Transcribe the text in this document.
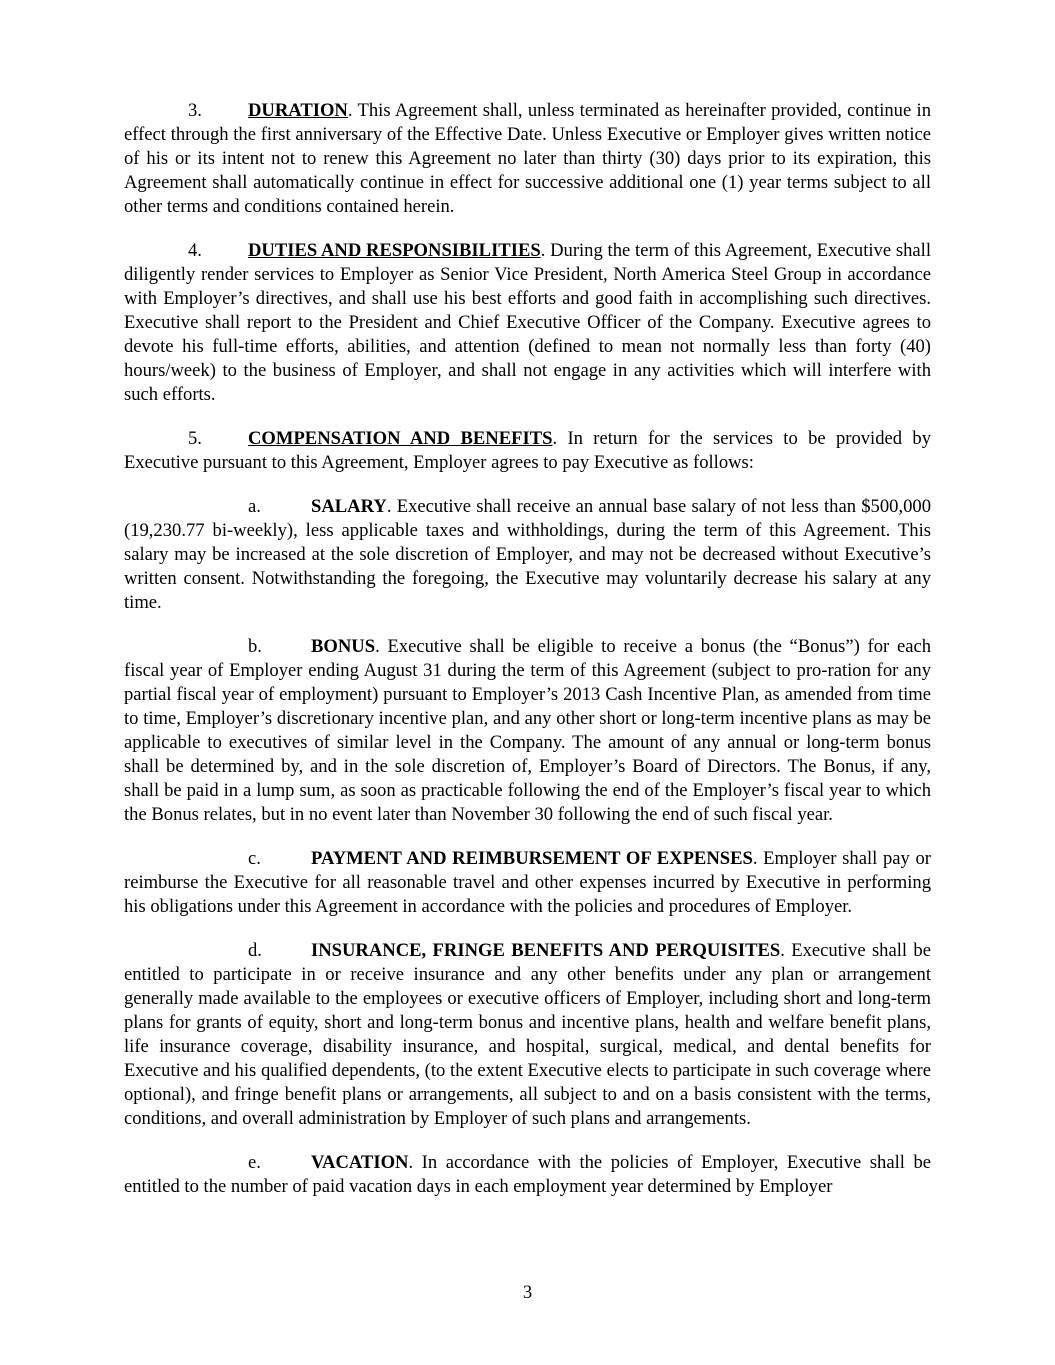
3. DURATION. This Agreement shall, unless terminated as hereinafter provided, continue in effect through the first anniversary of the Effective Date. Unless Executive or Employer gives written notice of his or its intent not to renew this Agreement no later than thirty (30) days prior to its expiration, this Agreement shall automatically continue in effect for successive additional one (1) year terms subject to all other terms and conditions contained herein.

4. DUTIES AND RESPONSIBILITIES. During the term of this Agreement, Executive shall diligently render services to Employer as Senior Vice President, North America Steel Group in accordance with Employer’s directives, and shall use his best efforts and good faith in accomplishing such directives. Executive shall report to the President and Chief Executive Officer of the Company. Executive agrees to devote his full-time efforts, abilities, and attention (defined to mean not normally less than forty (40) hours/week) to the business of Employer, and shall not engage in any activities which will interfere with such efforts.

5. COMPENSATION AND BENEFITS. In return for the services to be provided by Executive pursuant to this Agreement, Employer agrees to pay Executive as follows:

a.	SALARY. Executive shall receive an annual base salary of not less than $500,000 (19,230.77 bi-weekly), less applicable taxes and withholdings, during the term of this Agreement. This salary may be increased at the sole discretion of Employer, and may not be decreased without Executive’s written consent. Notwithstanding the foregoing, the Executive may voluntarily decrease his salary at any time.

b.	BONUS. Executive shall be eligible to receive a bonus (the “Bonus”) for each fiscal year of Employer ending August 31 during the term of this Agreement (subject to pro-ration for any partial fiscal year of employment) pursuant to Employer’s 2013 Cash Incentive Plan, as amended from time to time, Employer’s discretionary incentive plan, and any other short or long-term incentive plans as may be applicable to executives of similar level in the Company. The amount of any annual or long-term bonus shall be determined by, and in the sole discretion of, Employer’s Board of Directors. The Bonus, if any, shall be paid in a lump sum, as soon as practicable following the end of the Employer’s fiscal year to which the Bonus relates, but in no event later than November 30 following the end of such fiscal year.

c.	PAYMENT AND REIMBURSEMENT OF EXPENSES. Employer shall pay or reimburse the Executive for all reasonable travel and other expenses incurred by Executive in performing his obligations under this Agreement in accordance with the policies and procedures of Employer.

d.	INSURANCE, FRINGE BENEFITS AND PERQUISITES. Executive shall be entitled to participate in or receive insurance and any other benefits under any plan or arrangement generally made available to the employees or executive officers of Employer, including short and long-term plans for grants of equity, short and long-term bonus and incentive plans, health and welfare benefit plans, life insurance coverage, disability insurance, and hospital, surgical, medical, and dental benefits for Executive and his qualified dependents, (to the extent Executive elects to participate in such coverage where optional), and fringe benefit plans or arrangements, all subject to and on a basis consistent with the terms, conditions, and overall administration by Employer of such plans and arrangements.

e.	VACATION. In accordance with the policies of Employer, Executive shall be entitled to the number of paid vacation days in each employment year determined by Employer

3
